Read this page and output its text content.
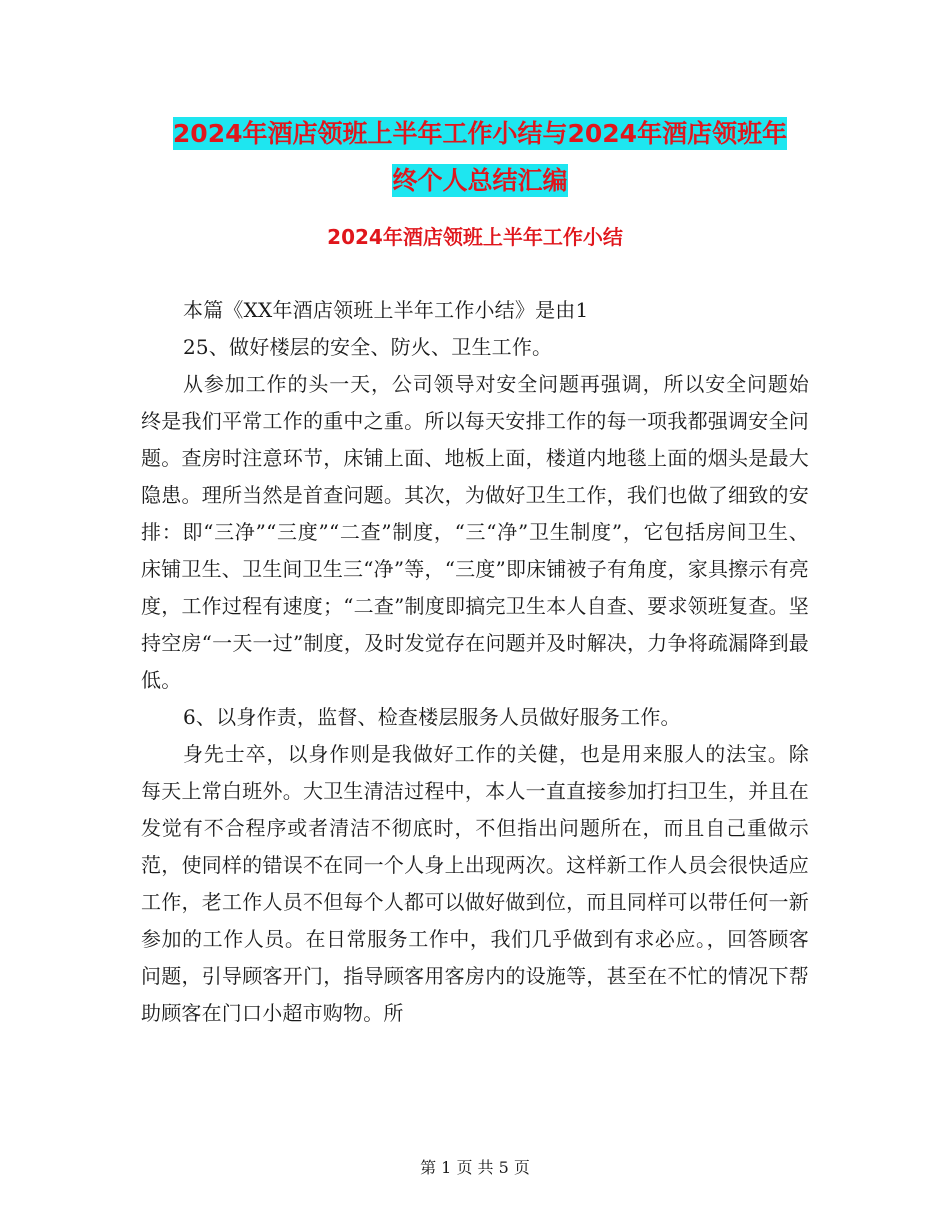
2024年酒店领班上半年工作小结与2024年酒店领班年
终个人总结汇编
2024年酒店领班上半年工作小结

本篇《XX年酒店领班上半年工作小结》是由1

25、做好楼层的安全、防火、卫生工作。

从参加工作的头一天，公司领导对安全问题再强调，所以安全问题始终是我们平常工作的重中之重。所以每天安排工作的每一项我都强调安全问题。查房时注意环节，床铺上面、地板上面，楼道内地毯上面的烟头是最大隐患。理所当然是首查问题。其次，为做好卫生工作，我们也做了细致的安排：即“三净”“三度”“二查”制度，“三“净”卫生制度”，它包括房间卫生、床铺卫生、卫生间卫生三“净”等，“三度”即床铺被子有角度，家具擦示有亮度，工作过程有速度；“二查”制度即搞完卫生本人自查、要求领班复查。坚持空房“一天一过”制度，及时发觉存在问题并及时解决，力争将疏漏降到最低。

6、以身作责，监督、检查楼层服务人员做好服务工作。

身先士卒，以身作则是我做好工作的关健，也是用来服人的法宝。除每天上常白班外。大卫生清洁过程中，本人一直直接参加打扫卫生，并且在发觉有不合程序或者清洁不彻底时，不但指出问题所在，而且自己重做示范，使同样的错误不在同一个人身上出现两次。这样新工作人员会很快适应工作，老工作人员不但每个人都可以做好做到位，而且同样可以带任何一新参加的工作人员。在日常服务工作中，我们几乎做到有求必应。，回答顾客问题，引导顾客开门，指导顾客用客房内的设施等，甚至在不忙的情况下帮助顾客在门口小超市购物。所

第 1 页 共 5 页
